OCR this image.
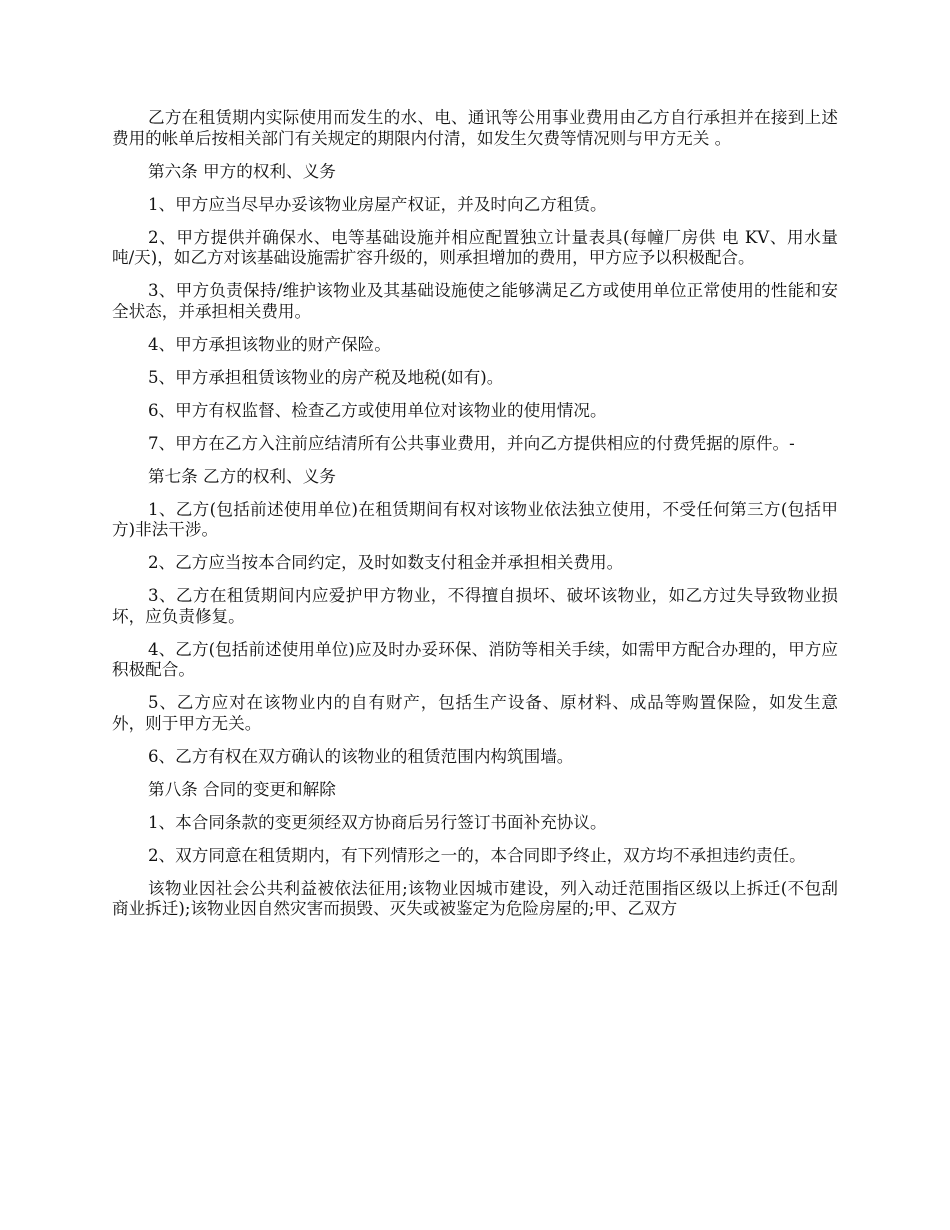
乙方在租赁期内实际使用而发生的水、电、通讯等公用事业费用由乙方自行承担并在接到上述费用的帐单后按相关部门有关规定的期限内付清，如发生欠费等情况则与甲方无关 。

第六条 甲方的权利、义务

1、甲方应当尽早办妥该物业房屋产权证，并及时向乙方租赁。

2、甲方提供并确保水、电等基础设施并相应配置独立计量表具(每幢厂房供 电 KV、用水量 吨/天)，如乙方对该基础设施需扩容升级的，则承担增加的费用，甲方应予以积极配合。

3、甲方负责保持/维护该物业及其基础设施使之能够满足乙方或使用单位正常使用的性能和安全状态，并承担相关费用。

4、甲方承担该物业的财产保险。

5、甲方承担租赁该物业的房产税及地税(如有)。

6、甲方有权监督、检查乙方或使用单位对该物业的使用情况。

7、甲方在乙方入注前应结清所有公共事业费用，并向乙方提供相应的付费凭据的原件。-

第七条 乙方的权利、义务

1、乙方(包括前述使用单位)在租赁期间有权对该物业依法独立使用，不受任何第三方(包括甲方)非法干涉。

2、乙方应当按本合同约定，及时如数支付租金并承担相关费用。

3、乙方在租赁期间内应爱护甲方物业，不得擅自损坏、破坏该物业，如乙方过失导致物业损坏，应负责修复。

4、乙方(包括前述使用单位)应及时办妥环保、消防等相关手续，如需甲方配合办理的，甲方应积极配合。

5、乙方应对在该物业内的自有财产，包括生产设备、原材料、成品等购置保险，如发生意外，则于甲方无关。

6、乙方有权在双方确认的该物业的租赁范围内构筑围墙。

第八条 合同的变更和解除

1、本合同条款的变更须经双方协商后另行签订书面补充协议。

2、双方同意在租赁期内，有下列情形之一的，本合同即予终止，双方均不承担违约责任。

该物业因社会公共利益被依法征用;该物业因城市建设，列入动迁范围指区级以上拆迁(不包刮商业拆迁);该物业因自然灾害而损毁、灭失或被鉴定为危险房屋的;甲、乙双方
